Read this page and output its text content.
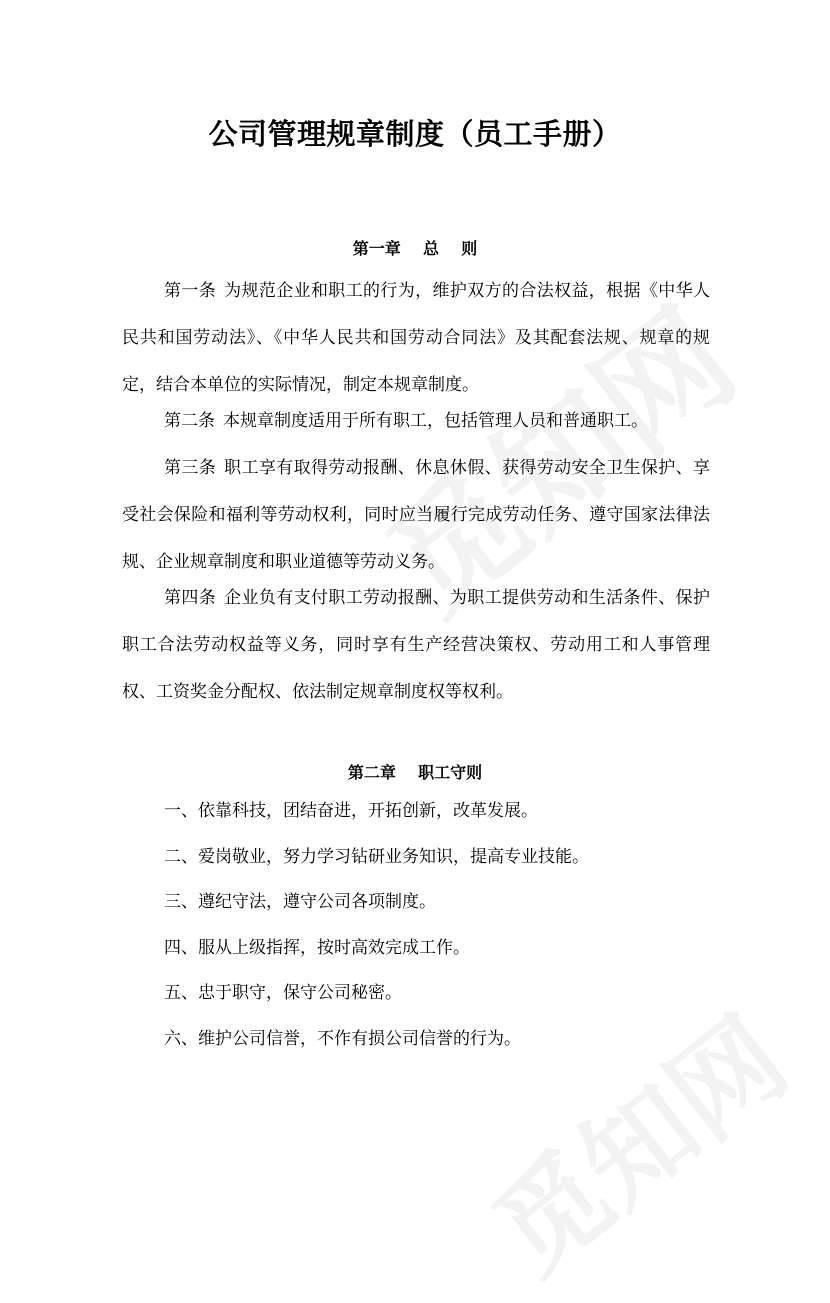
公司管理规章制度（员工手册）
第一章    总    则

第一条 为规范企业和职工的行为，维护双方的合法权益，根据《中华人民共和国劳动法》、《中华人民共和国劳动合同法》及其配套法规、规章的规定，结合本单位的实际情况，制定本规章制度。

第二条 本规章制度适用于所有职工，包括管理人员和普通职工。

第三条 职工享有取得劳动报酬、休息休假、获得劳动安全卫生保护、享受社会保险和福利等劳动权利，同时应当履行完成劳动任务、遵守国家法律法规、企业规章制度和职业道德等劳动义务。

第四条 企业负有支付职工劳动报酬、为职工提供劳动和生活条件、保护职工合法劳动权益等义务，同时享有生产经营决策权、劳动用工和人事管理权、工资奖金分配权、依法制定规章制度权等权利。

第二章    职工守则

一、依靠科技，团结奋进，开拓创新，改革发展。

二、爱岗敬业，努力学习钻研业务知识，提高专业技能。

三、遵纪守法，遵守公司各项制度。

四、服从上级指挥，按时高效完成工作。

五、忠于职守，保守公司秘密。

六、维护公司信誉，不作有损公司信誉的行为。
